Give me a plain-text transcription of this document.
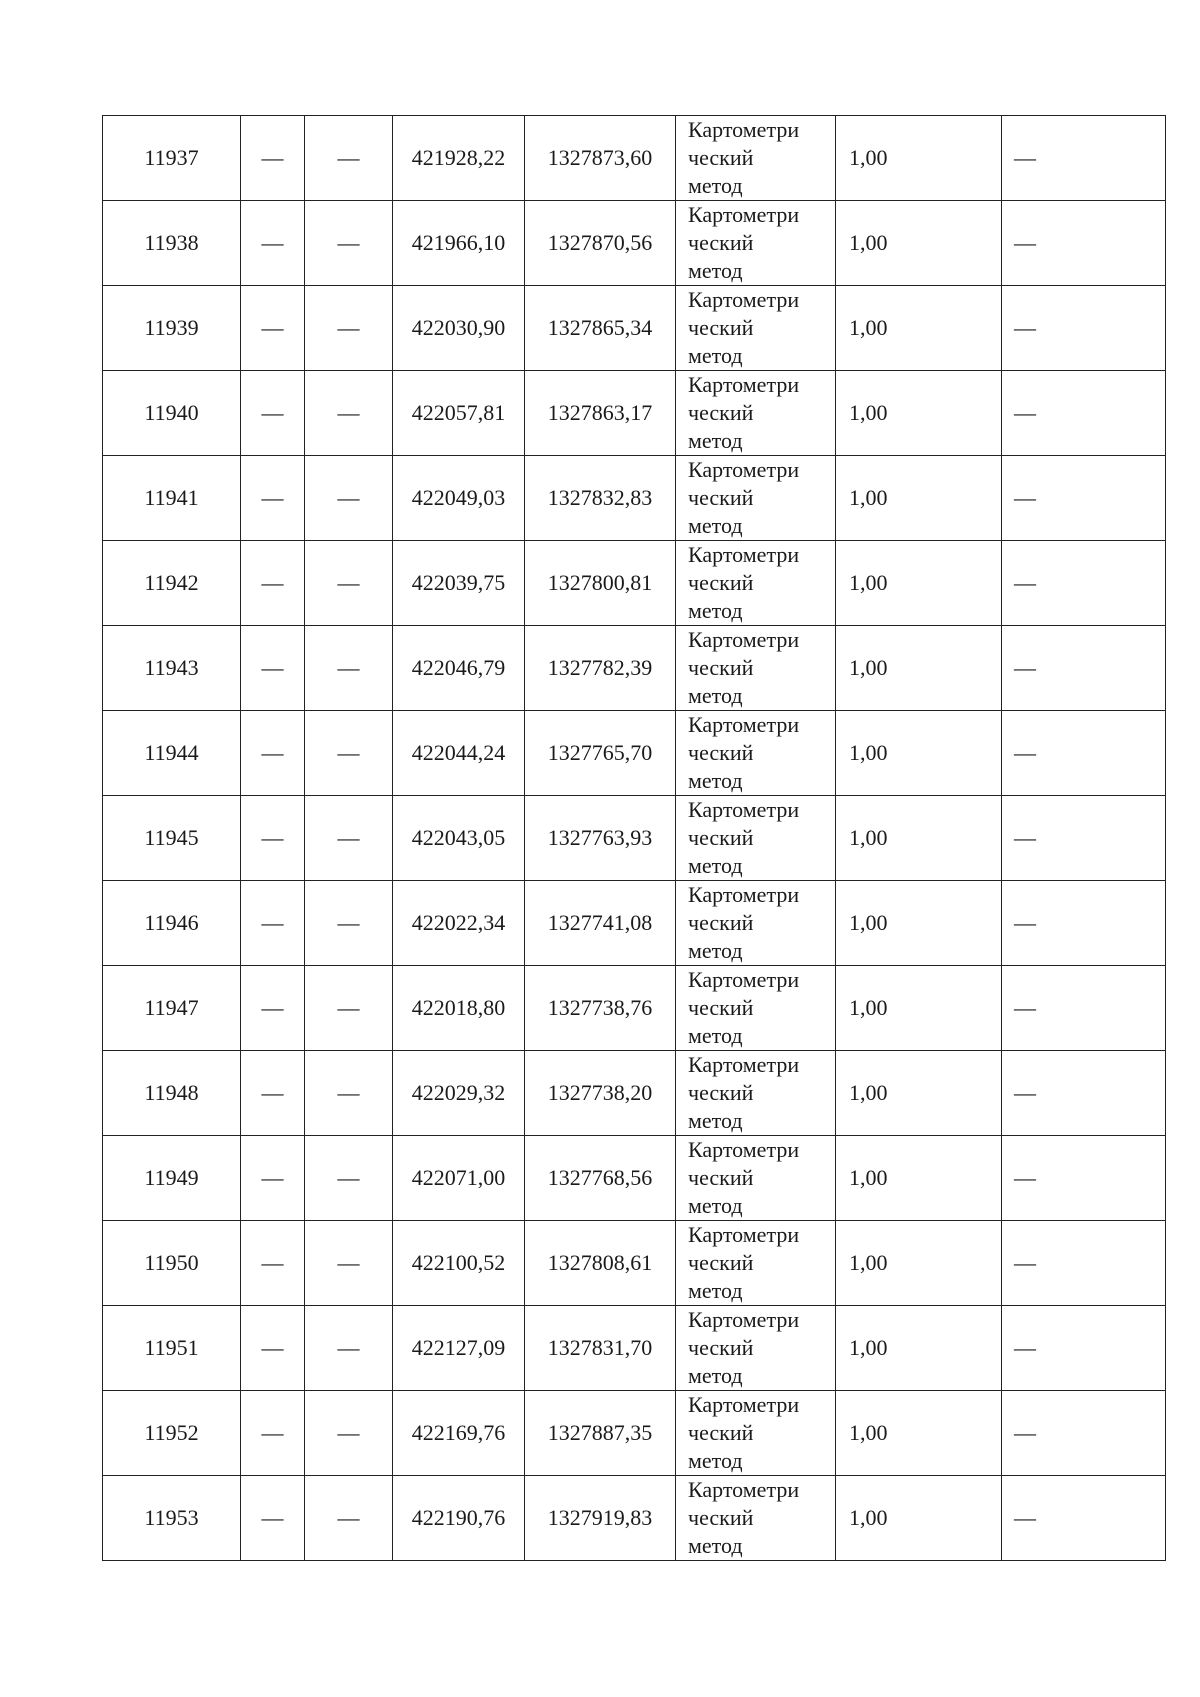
11937	—	—	421928,22	1327873,60	Картометри
ческий
метод	1,00	—
11938	—	—	421966,10	1327870,56	Картометри
ческий
метод	1,00	—
11939	—	—	422030,90	1327865,34	Картометри
ческий
метод	1,00	—
11940	—	—	422057,81	1327863,17	Картометри
ческий
метод	1,00	—
11941	—	—	422049,03	1327832,83	Картометри
ческий
метод	1,00	—
11942	—	—	422039,75	1327800,81	Картометри
ческий
метод	1,00	—
11943	—	—	422046,79	1327782,39	Картометри
ческий
метод	1,00	—
11944	—	—	422044,24	1327765,70	Картометри
ческий
метод	1,00	—
11945	—	—	422043,05	1327763,93	Картометри
ческий
метод	1,00	—
11946	—	—	422022,34	1327741,08	Картометри
ческий
метод	1,00	—
11947	—	—	422018,80	1327738,76	Картометри
ческий
метод	1,00	—
11948	—	—	422029,32	1327738,20	Картометри
ческий
метод	1,00	—
11949	—	—	422071,00	1327768,56	Картометри
ческий
метод	1,00	—
11950	—	—	422100,52	1327808,61	Картометри
ческий
метод	1,00	—
11951	—	—	422127,09	1327831,70	Картометри
ческий
метод	1,00	—
11952	—	—	422169,76	1327887,35	Картометри
ческий
метод	1,00	—
11953	—	—	422190,76	1327919,83	Картометри
ческий
метод	1,00	—
